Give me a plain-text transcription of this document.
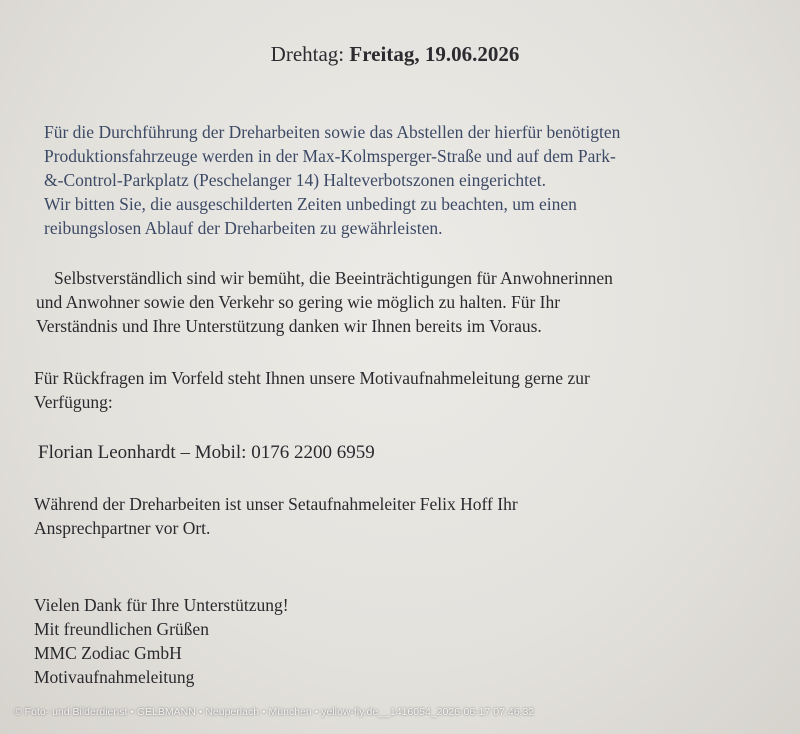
Drehtag: Freitag, 19.06.2026

Für die Durchführung der Dreharbeiten sowie das Abstellen der hierfür benötigten
Produktionsfahrzeuge werden in der Max-Kolmsperger-Straße und auf dem Park-
&-Control-Parkplatz (Peschelanger 14) Halteverbotszonen eingerichtet.
Wir bitten Sie, die ausgeschilderten Zeiten unbedingt zu beachten, um einen
reibungslosen Ablauf der Dreharbeiten zu gewährleisten.

Selbstverständlich sind wir bemüht, die Beeinträchtigungen für Anwohnerinnen
und Anwohner sowie den Verkehr so gering wie möglich zu halten. Für Ihr
Verständnis und Ihre Unterstützung danken wir Ihnen bereits im Voraus.

Für Rückfragen im Vorfeld steht Ihnen unsere Motivaufnahmeleitung gerne zur
Verfügung:

Florian Leonhardt – Mobil: 0176 2200 6959

Während der Dreharbeiten ist unser Setaufnahmeleiter Felix Hoff Ihr
Ansprechpartner vor Ort.

Vielen Dank für Ihre Unterstützung!
Mit freundlichen Grüßen
MMC Zodiac GmbH
Motivaufnahmeleitung

© Foto- und Bilderdienst • GELBMANN • Neuperlach • München • yellow-fly.de__1416054_2026-06-17 07.46.32
